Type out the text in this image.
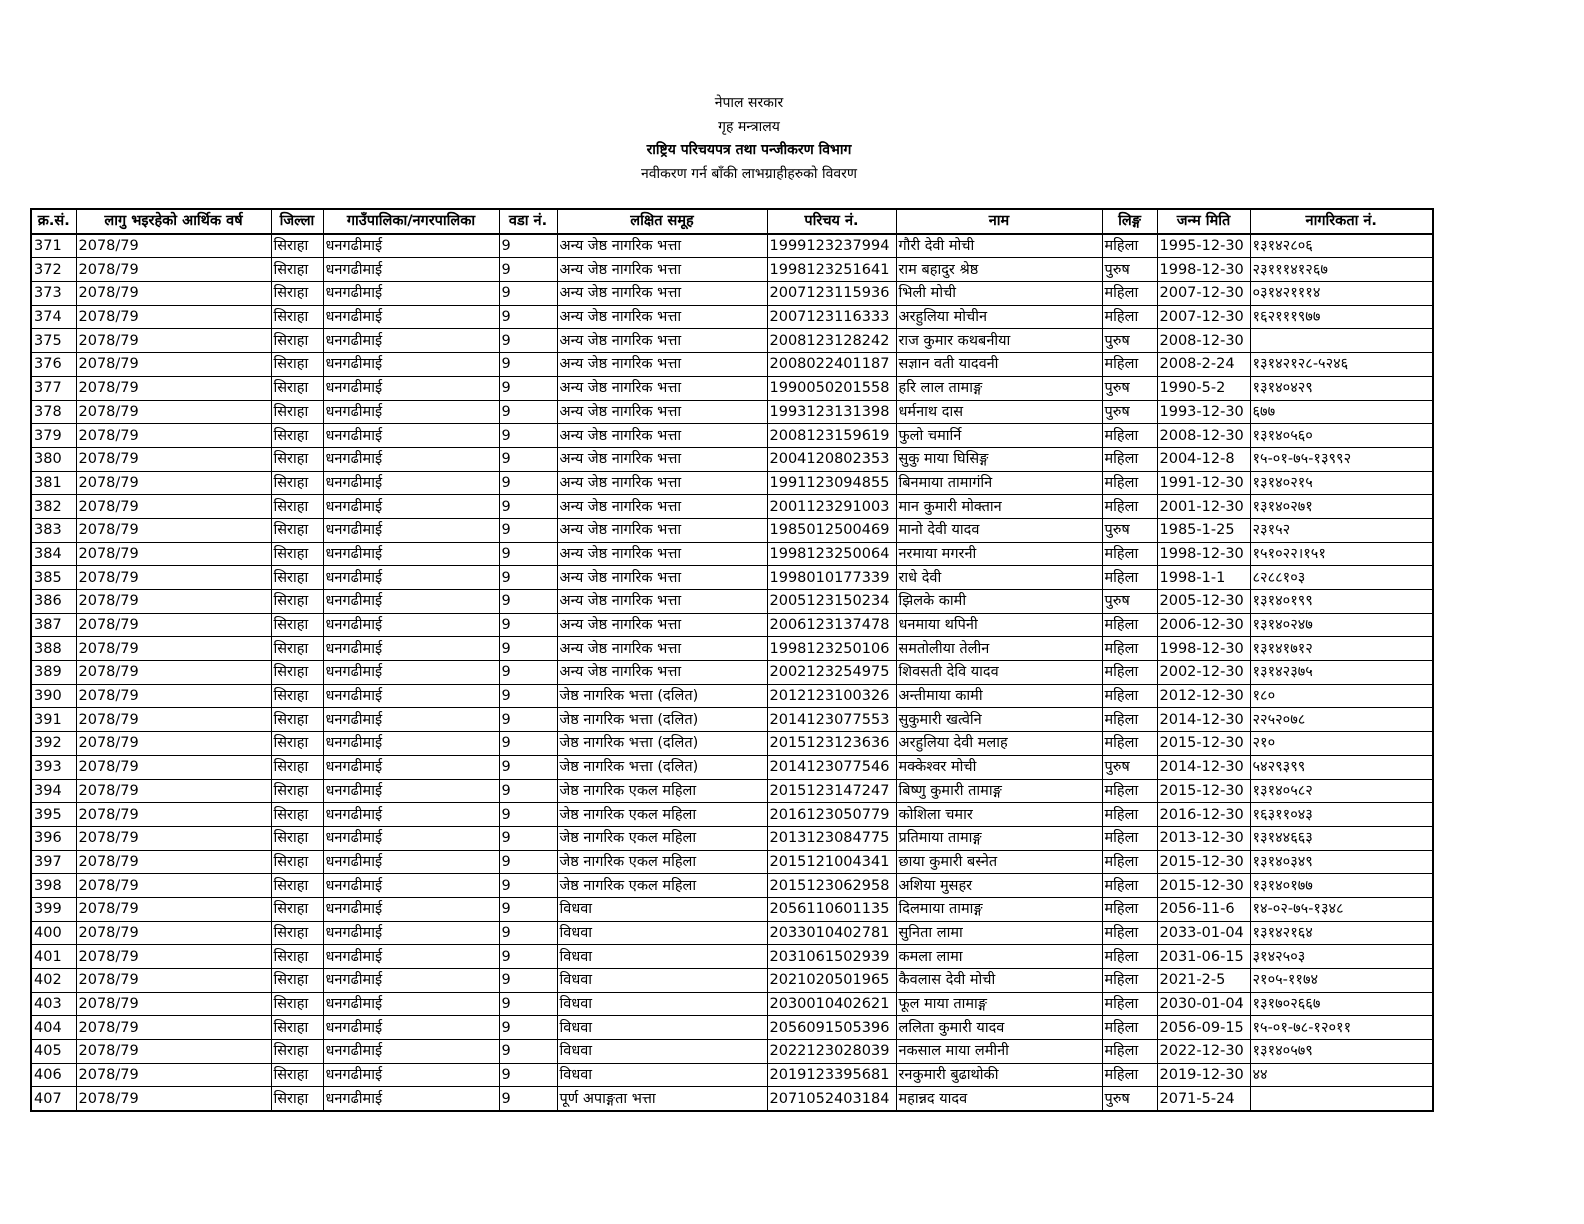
नेपाल सरकार
गृह मन्त्रालय
राष्ट्रिय परिचयपत्र तथा पन्जीकरण विभाग
नवीकरण गर्न बाँकी लाभग्राहीहरुको विवरण
क्र.सं.	लागु भइरहेको आर्थिक वर्ष	जिल्ला	गाउँपालिका/नगरपालिका	वडा नं.	लक्षित समूह	परिचय नं.	नाम	लिङ्ग	जन्म मिति	नागरिकता नं.
371	2078/79	सिराहा	धनगढीमाई	9	अन्य जेष्ठ नागरिक भत्ता	1999123237994	गौरी देवी मोची	महिला	1995-12-30	१३१४२८०६
372	2078/79	सिराहा	धनगढीमाई	9	अन्य जेष्ठ नागरिक भत्ता	1998123251641	राम बहादुर श्रेष्ठ	पुरुष	1998-12-30	२३१११४१२६७
373	2078/79	सिराहा	धनगढीमाई	9	अन्य जेष्ठ नागरिक भत्ता	2007123115936	भिली मोची	महिला	2007-12-30	०३१४२१११४
374	2078/79	सिराहा	धनगढीमाई	9	अन्य जेष्ठ नागरिक भत्ता	2007123116333	अरहुलिया मोचीन	महिला	2007-12-30	१६२१११९७७
375	2078/79	सिराहा	धनगढीमाई	9	अन्य जेष्ठ नागरिक भत्ता	2008123128242	राज कुमार कथबनीया	पुरुष	2008-12-30	
376	2078/79	सिराहा	धनगढीमाई	9	अन्य जेष्ठ नागरिक भत्ता	2008022401187	सज्ञान वती यादवनी	महिला	2008-2-24	१३१४२१२८-५२४६
377	2078/79	सिराहा	धनगढीमाई	9	अन्य जेष्ठ नागरिक भत्ता	1990050201558	हरि लाल तामाङ्ग	पुरुष	1990-5-2	१३१४०४२९
378	2078/79	सिराहा	धनगढीमाई	9	अन्य जेष्ठ नागरिक भत्ता	1993123131398	धर्मनाथ दास	पुरुष	1993-12-30	६७७
379	2078/79	सिराहा	धनगढीमाई	9	अन्य जेष्ठ नागरिक भत्ता	2008123159619	फुलो चमार्नि	महिला	2008-12-30	१३१४०५६०
380	2078/79	सिराहा	धनगढीमाई	9	अन्य जेष्ठ नागरिक भत्ता	2004120802353	सुकु माया घिसिङ्ग	महिला	2004-12-8	१५-०१-७५-१३९९२
381	2078/79	सिराहा	धनगढीमाई	9	अन्य जेष्ठ नागरिक भत्ता	1991123094855	बिनमाया तामागंनि	महिला	1991-12-30	१३१४०२१५
382	2078/79	सिराहा	धनगढीमाई	9	अन्य जेष्ठ नागरिक भत्ता	2001123291003	मान कुमारी मोक्तान	महिला	2001-12-30	१३१४०२७१
383	2078/79	सिराहा	धनगढीमाई	9	अन्य जेष्ठ नागरिक भत्ता	1985012500469	मानो देवी यादव	पुरुष	1985-1-25	२३१५२
384	2078/79	सिराहा	धनगढीमाई	9	अन्य जेष्ठ नागरिक भत्ता	1998123250064	नरमाया मगरनी	महिला	1998-12-30	१५१०२२।१५१
385	2078/79	सिराहा	धनगढीमाई	9	अन्य जेष्ठ नागरिक भत्ता	1998010177339	राधे देवी	महिला	1998-1-1	८२८८१०३
386	2078/79	सिराहा	धनगढीमाई	9	अन्य जेष्ठ नागरिक भत्ता	2005123150234	झिलके कामी	पुरुष	2005-12-30	१३१४०१९९
387	2078/79	सिराहा	धनगढीमाई	9	अन्य जेष्ठ नागरिक भत्ता	2006123137478	धनमाया थपिनी	महिला	2006-12-30	१३१४०२४७
388	2078/79	सिराहा	धनगढीमाई	9	अन्य जेष्ठ नागरिक भत्ता	1998123250106	समतोलीया तेलीन	महिला	1998-12-30	१३१४१७१२
389	2078/79	सिराहा	धनगढीमाई	9	अन्य जेष्ठ नागरिक भत्ता	2002123254975	शिवसती देवि यादव	महिला	2002-12-30	१३१४२३७५
390	2078/79	सिराहा	धनगढीमाई	9	जेष्ठ नागरिक भत्ता (दलित)	2012123100326	अन्तीमाया कामी	महिला	2012-12-30	१८०
391	2078/79	सिराहा	धनगढीमाई	9	जेष्ठ नागरिक भत्ता (दलित)	2014123077553	सुकुमारी खत्वेनि	महिला	2014-12-30	२२५२०७८
392	2078/79	सिराहा	धनगढीमाई	9	जेष्ठ नागरिक भत्ता (दलित)	2015123123636	अरहुलिया देवी मलाह	महिला	2015-12-30	२१०
393	2078/79	सिराहा	धनगढीमाई	9	जेष्ठ नागरिक भत्ता (दलित)	2014123077546	मक्केश्वर मोची	पुरुष	2014-12-30	५४२९३९९
394	2078/79	सिराहा	धनगढीमाई	9	जेष्ठ नागरिक एकल महिला	2015123147247	बिष्णु कुमारी तामाङ्ग	महिला	2015-12-30	१३१४०५८२
395	2078/79	सिराहा	धनगढीमाई	9	जेष्ठ नागरिक एकल महिला	2016123050779	कोशिला चमार	महिला	2016-12-30	१६३११०४३
396	2078/79	सिराहा	धनगढीमाई	9	जेष्ठ नागरिक एकल महिला	2013123084775	प्रतिमाया तामाङ्ग	महिला	2013-12-30	१३१४४६६३
397	2078/79	सिराहा	धनगढीमाई	9	जेष्ठ नागरिक एकल महिला	2015121004341	छाया कुमारी बस्नेत	महिला	2015-12-30	१३१४०३४९
398	2078/79	सिराहा	धनगढीमाई	9	जेष्ठ नागरिक एकल महिला	2015123062958	अशिया मुसहर	महिला	2015-12-30	१३१४०१७७
399	2078/79	सिराहा	धनगढीमाई	9	विधवा	2056110601135	दिलमाया तामाङ्ग	महिला	2056-11-6	१४-०२-७५-१३४८
400	2078/79	सिराहा	धनगढीमाई	9	विधवा	2033010402781	सुनिता लामा	महिला	2033-01-04	१३१४२१६४
401	2078/79	सिराहा	धनगढीमाई	9	विधवा	2031061502939	कमला लामा	महिला	2031-06-15	३१४२५०३
402	2078/79	सिराहा	धनगढीमाई	9	विधवा	2021020501965	कैवलास देवी मोची	महिला	2021-2-5	२१०५-११७४
403	2078/79	सिराहा	धनगढीमाई	9	विधवा	2030010402621	फूल माया तामाङ्ग	महिला	2030-01-04	१३१७०२६६७
404	2078/79	सिराहा	धनगढीमाई	9	विधवा	2056091505396	ललिता कुमारी यादव	महिला	2056-09-15	१५-०१-७८-१२०११
405	2078/79	सिराहा	धनगढीमाई	9	विधवा	2022123028039	नकसाल माया लमीनी	महिला	2022-12-30	१३१४०५७९
406	2078/79	सिराहा	धनगढीमाई	9	विधवा	2019123395681	रनकुमारी बुढाथोकी	महिला	2019-12-30	४४
407	2078/79	सिराहा	धनगढीमाई	9	पूर्ण अपाङ्गता भत्ता	2071052403184	महान्नद यादव	पुरुष	2071-5-24	
